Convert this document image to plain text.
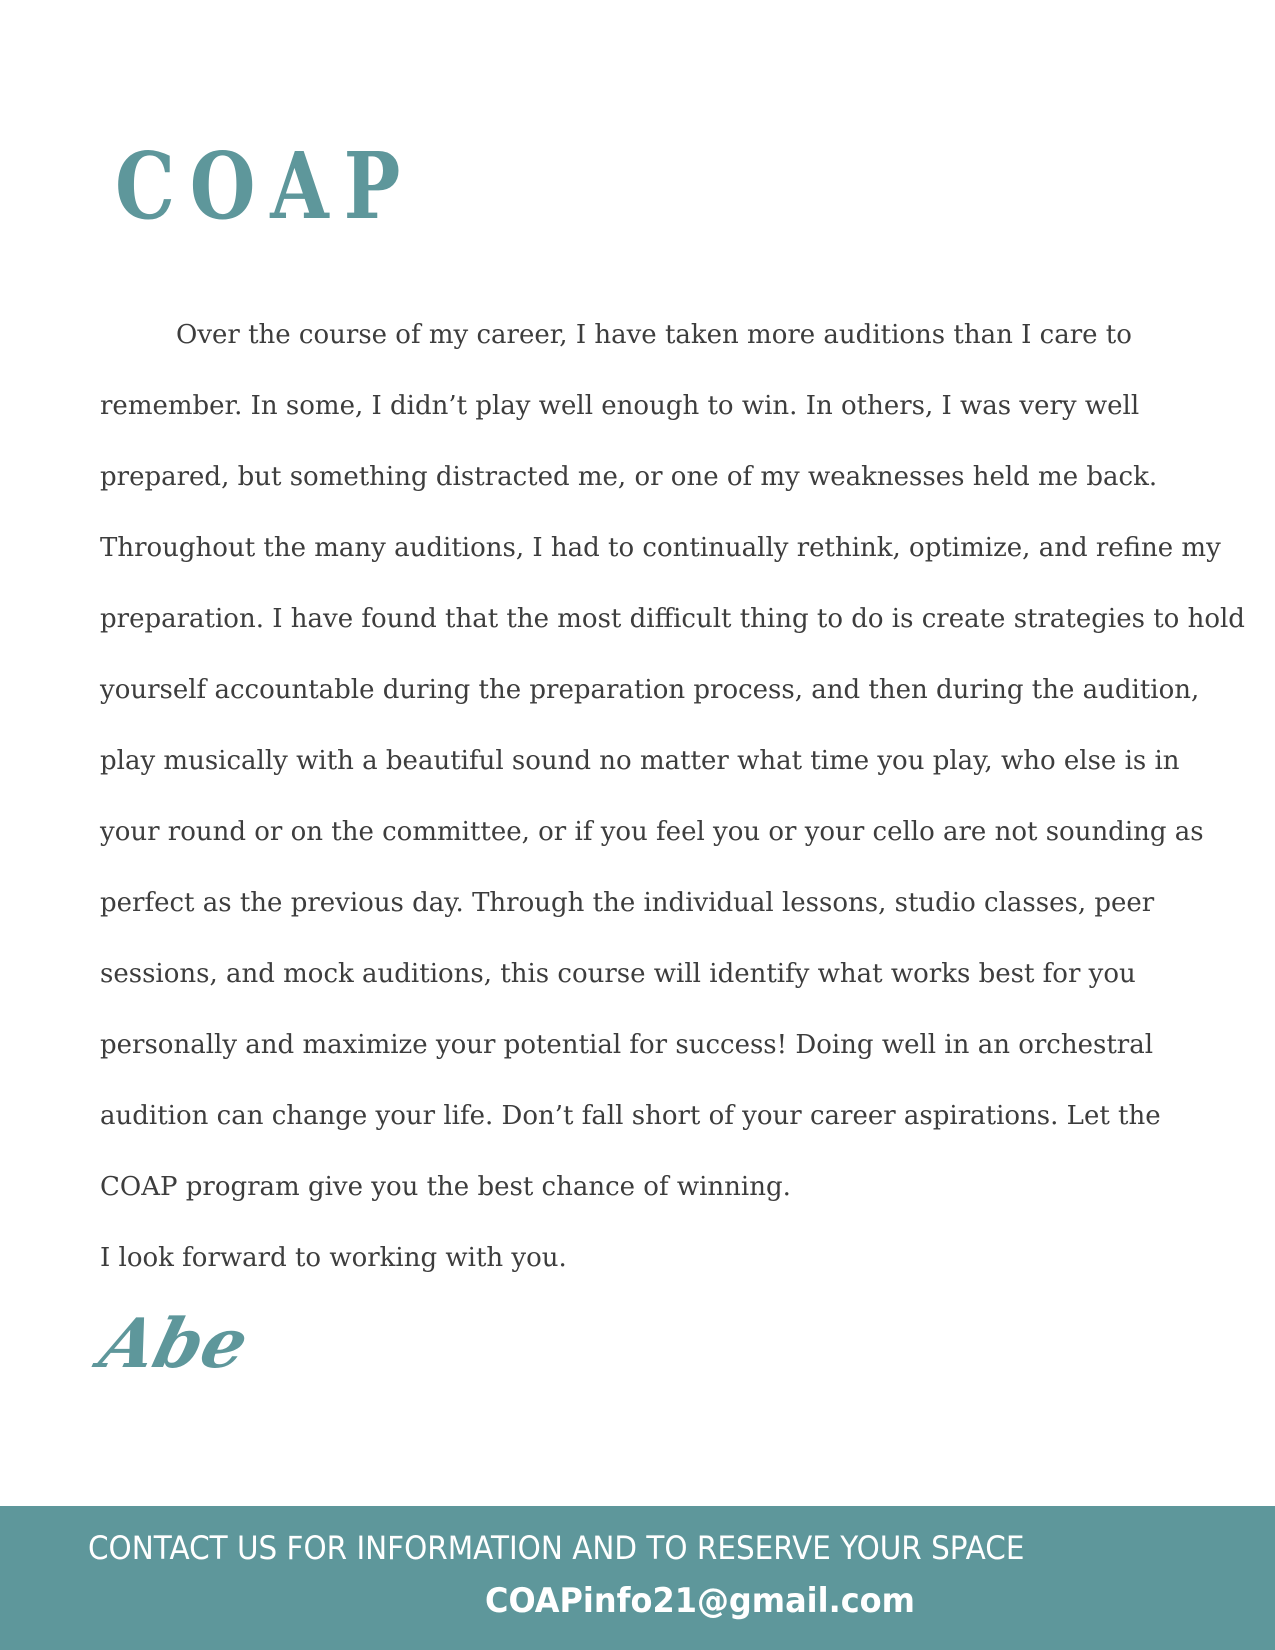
COAP
Over the course of my career, I have taken more auditions than I care to
remember. In some, I didn’t play well enough to win. In others, I was very well
prepared, but something distracted me, or one of my weaknesses held me back.
Throughout the many auditions, I had to continually rethink, optimize, and refine my
preparation. I have found that the most difficult thing to do is create strategies to hold
yourself accountable during the preparation process, and then during the audition,
play musically with a beautiful sound no matter what time you play, who else is in
your round or on the committee, or if you feel you or your cello are not sounding as
perfect as the previous day. Through the individual lessons, studio classes, peer
sessions, and mock auditions, this course will identify what works best for you
personally and maximize your potential for success! Doing well in an orchestral
audition can change your life. Don’t fall short of your career aspirations. Let the
COAP program give you the best chance of winning.
I look forward to working with you.
Abe
CONTACT US FOR INFORMATION AND TO RESERVE YOUR SPACE
COAPinfo21@gmail.com
